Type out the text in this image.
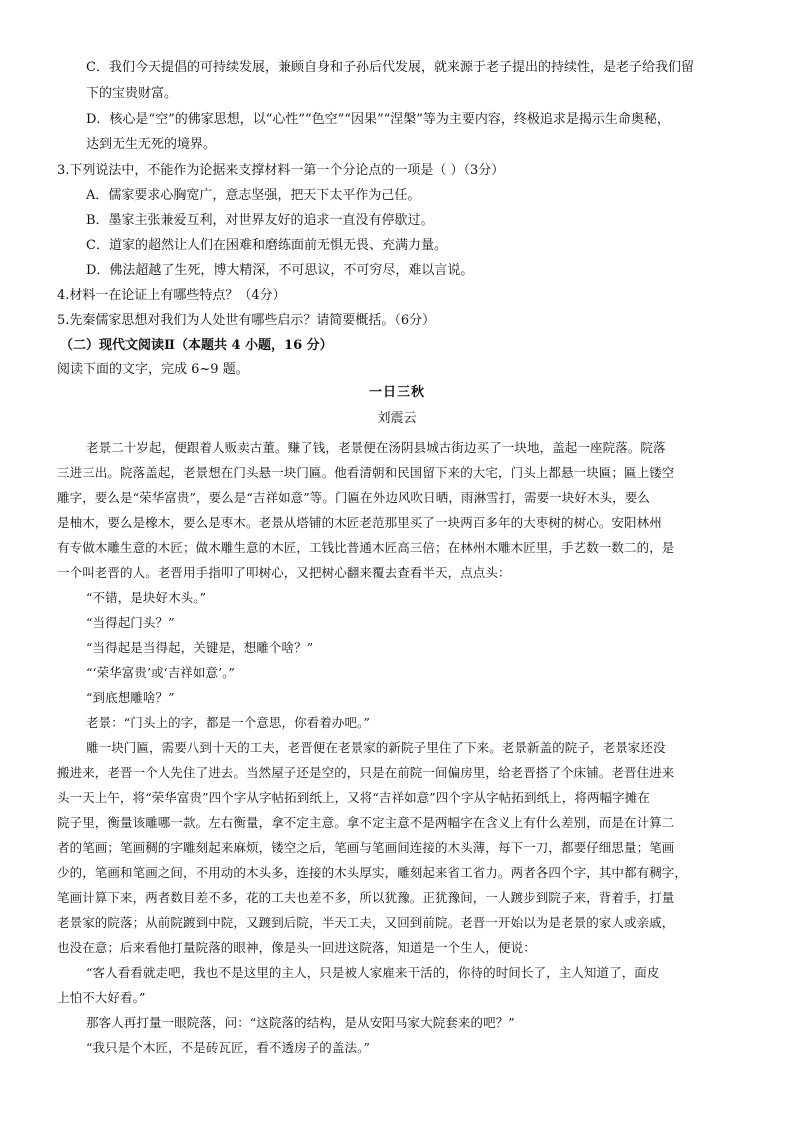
C．我们今天提倡的可持续发展，兼顾自身和子孙后代发展，就来源于老子提出的持续性，是老子给我们留
下的宝贵财富。
D．核心是“空”的佛家思想，以“心性”“色空”“因果”“涅槃”等为主要内容，终极追求是揭示生命奥秘，
达到无生无死的境界。
3.下列说法中，不能作为论据来支撑材料一第一个分论点的一项是（ ）（3分）
A．儒家要求心胸宽广，意志坚强，把天下太平作为己任。
B．墨家主张兼爱互利，对世界友好的追求一直没有停歇过。
C．道家的超然让人们在困难和磨练面前无惧无畏、充满力量。
D．佛法超越了生死，博大精深，不可思议，不可穷尽，难以言说。
4.材料一在论证上有哪些特点？（4分）
5.先秦儒家思想对我们为人处世有哪些启示？请简要概括。（6分）
（二）现代文阅读Ⅱ（本题共 4 小题，16 分）
阅读下面的文字，完成 6~9 题。
一日三秋
刘震云
老景二十岁起，便跟着人贩卖古董。赚了钱，老景便在汤阴县城古街边买了一块地，盖起一座院落。院落
三进三出。院落盖起，老景想在门头悬一块门匾。他看清朝和民国留下来的大宅，门头上都悬一块匾；匾上镂空
雕字，要么是“荣华富贵”，要么是“吉祥如意”等。门匾在外边风吹日晒，雨淋雪打，需要一块好木头，要么
是柚木，要么是橡木，要么是枣木。老景从塔铺的木匠老范那里买了一块两百多年的大枣树的树心。安阳林州
有专做木雕生意的木匠；做木雕生意的木匠，工钱比普通木匠高三倍；在林州木雕木匠里，手艺数一数二的，是
一个叫老晋的人。老晋用手指叩了叩树心，又把树心翻来覆去查看半天，点点头：
“不错，是块好木头。”
“当得起门头？”
“当得起是当得起，关键是，想雕个啥？”
“‘荣华富贵’或‘吉祥如意’。”
“到底想雕啥？”
老景：“门头上的字，都是一个意思，你看着办吧。”
雕一块门匾，需要八到十天的工夫，老晋便在老景家的新院子里住了下来。老景新盖的院子，老景家还没
搬进来，老晋一个人先住了进去。当然屋子还是空的，只是在前院一间偏房里，给老晋搭了个床铺。老晋住进来
头一天上午，将“荣华富贵”四个字从字帖拓到纸上，又将“吉祥如意”四个字从字帖拓到纸上，将两幅字摊在
院子里，衡量该雕哪一款。左右衡量，拿不定主意。拿不定主意不是两幅字在含义上有什么差别，而是在计算二
者的笔画；笔画稠的字雕刻起来麻烦，镂空之后，笔画与笔画间连接的木头薄，每下一刀，都要仔细思量；笔画
少的，笔画和笔画之间，不用动的木头多，连接的木头厚实，雕刻起来省工省力。两者各四个字，其中都有稠字，
笔画计算下来，两者数目差不多，花的工夫也差不多，所以犹豫。正犹豫间，一人踱步到院子来，背着手，打量
老景家的院落；从前院踱到中院，又踱到后院，半天工夫，又回到前院。老晋一开始以为是老景的家人或亲戚，
也没在意；后来看他打量院落的眼神，像是头一回进这院落，知道是一个生人，便说：
“客人看看就走吧，我也不是这里的主人，只是被人家雇来干活的，你待的时间长了，主人知道了，面皮
上怕不大好看。”
那客人再打量一眼院落，问：“这院落的结构，是从安阳马家大院套来的吧？”
“我只是个木匠，不是砖瓦匠，看不透房子的盖法。”
